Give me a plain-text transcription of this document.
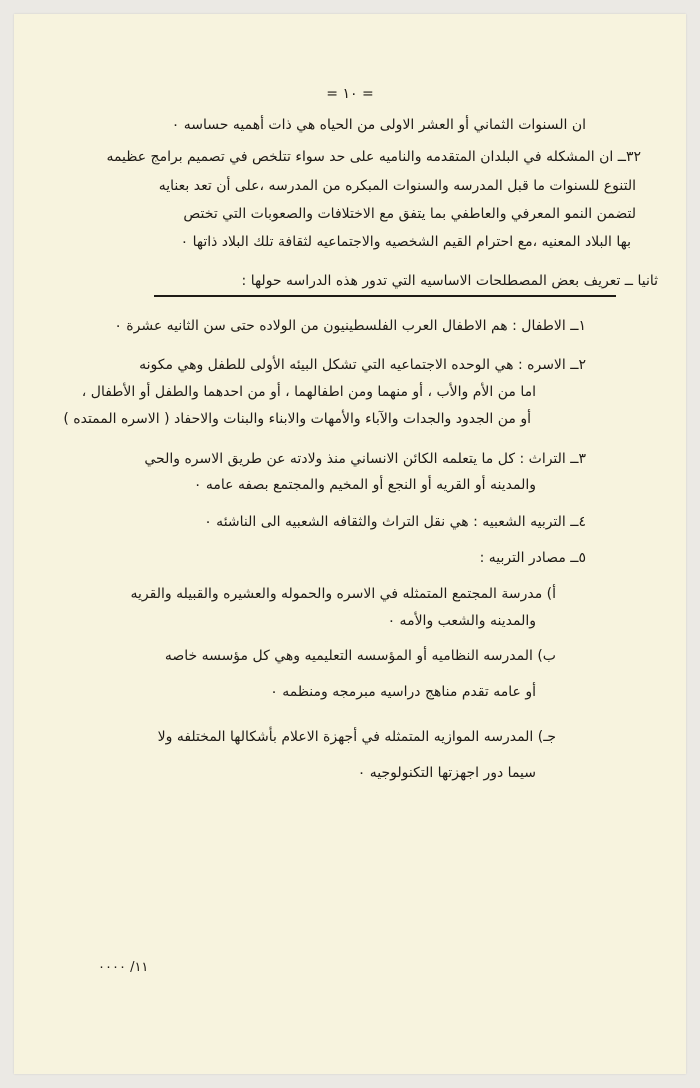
= ١٠ =
ان السنوات الثماني أو العشر الاولى من الحياه هي ذات أهميه حساسه ٠
٣٢ــ ان المشكله في البلدان المتقدمه والناميه على حد سواء تتلخص في تصميم برامج عظيمه
التنوع للسنوات ما قبل المدرسه والسنوات المبكره من المدرسه ،على أن تعد بعنايه
لتضمن النمو المعرفي والعاطفي بما يتفق مع الاختلافات والصعوبات التي تختص
بها البلاد المعنيه ،مع احترام القيم الشخصيه والاجتماعيه لثقافة تلك البلاد ذاتها ٠
ثانيا ــ تعريف بعض المصطلحات الاساسيه التي تدور هذه الدراسه حولها :
١ــ الاطفال : هم الاطفال العرب الفلسطينيون من الولاده حتى سن الثانيه عشرة ٠
٢ــ الاسره : هي الوحده الاجتماعيه التي تشكل البيئه الأولى للطفل وهي مكونه
اما من الأم والأب ، أو منهما ومن اطفالهما ، أو من احدهما والطفل أو الأطفال ،
أو من الجدود والجدات والآباء والأمهات والابناء والبنات والاحفاد ( الاسره الممتده )
٣ــ التراث : كل ما يتعلمه الكائن الانساني منذ ولادته عن طريق الاسره والحي
والمدينه أو القريه أو النجع أو المخيم والمجتمع بصفه عامه ٠
٤ــ التربيه الشعبيه : هي نقل التراث والثقافه الشعبيه الى الناشئه ٠
٥ــ مصادر التربيه :
أ) مدرسة المجتمع المتمثله في الاسره والحموله والعشيره والقبيله والقريه
والمدينه والشعب والأمه ٠
ب) المدرسه النظاميه أو المؤسسه التعليميه وهي كل مؤسسه خاصه
أو عامه تقدم مناهج دراسيه مبرمجه ومنظمه ٠
جـ) المدرسه الموازيه المتمثله في أجهزة الاعلام بأشكالها المختلفه ولا
سيما دور اجهزتها التكنولوجيه ٠
١١/ ٠٠٠٠
